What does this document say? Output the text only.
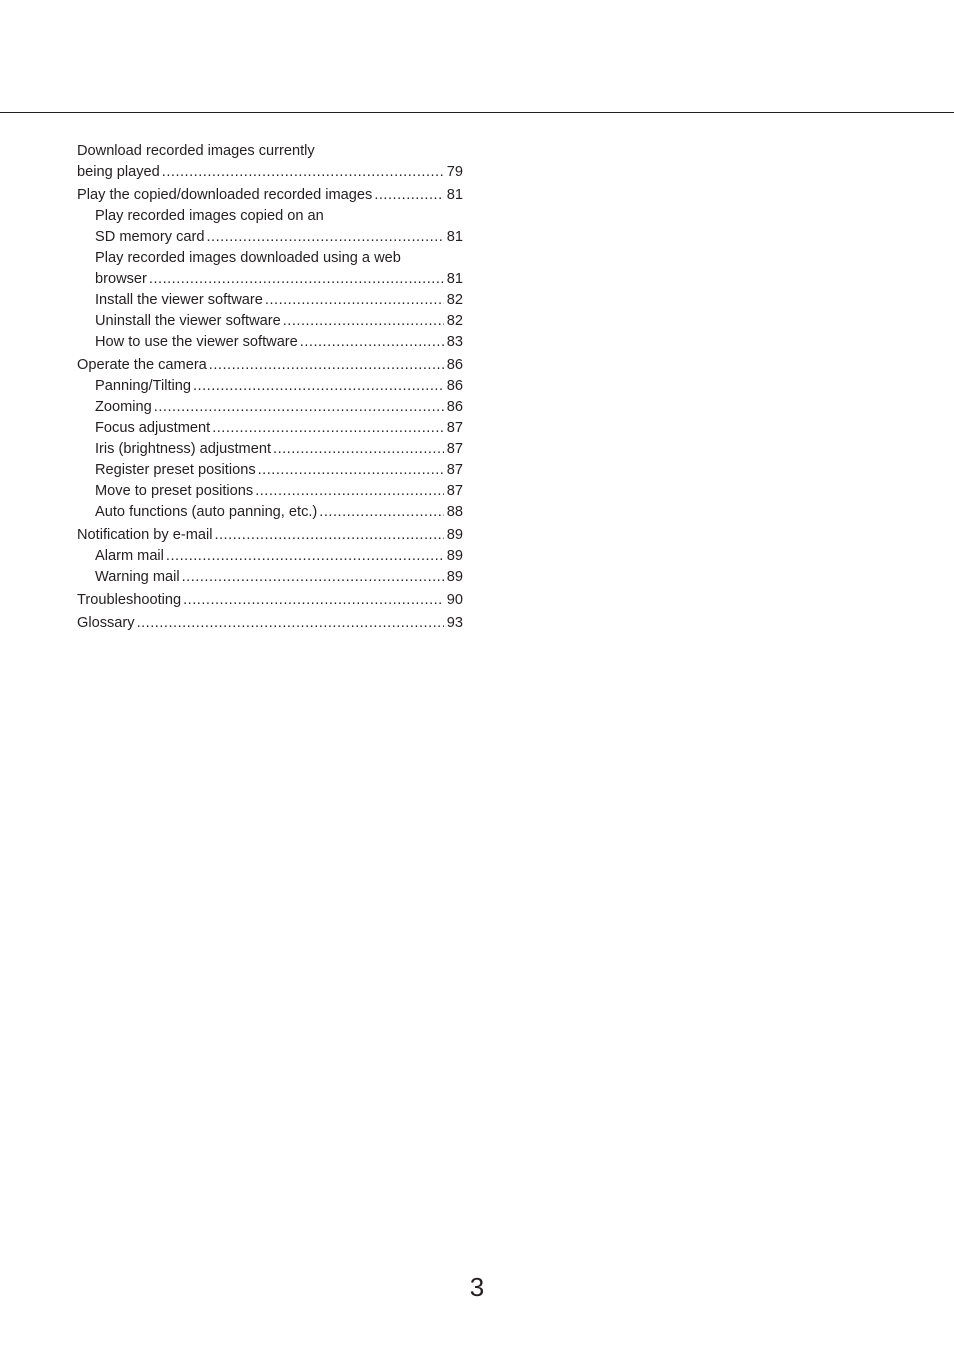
Download recorded images currently
being played .....	79
Play the copied/downloaded recorded images .....	81
Play recorded images copied on an
SD memory card .....	81
Play recorded images downloaded using a web
browser .....	81
Install the viewer software .....	82
Uninstall the viewer software .....	82
How to use the viewer software .....	83
Operate the camera .....	86
Panning/Tilting .....	86
Zooming .....	86
Focus adjustment .....	87
Iris (brightness) adjustment .....	87
Register preset positions .....	87
Move to preset positions .....	87
Auto functions (auto panning, etc.) .....	88
Notification by e-mail .....	89
Alarm mail .....	89
Warning mail .....	89
Troubleshooting .....	90
Glossary .....	93
3
